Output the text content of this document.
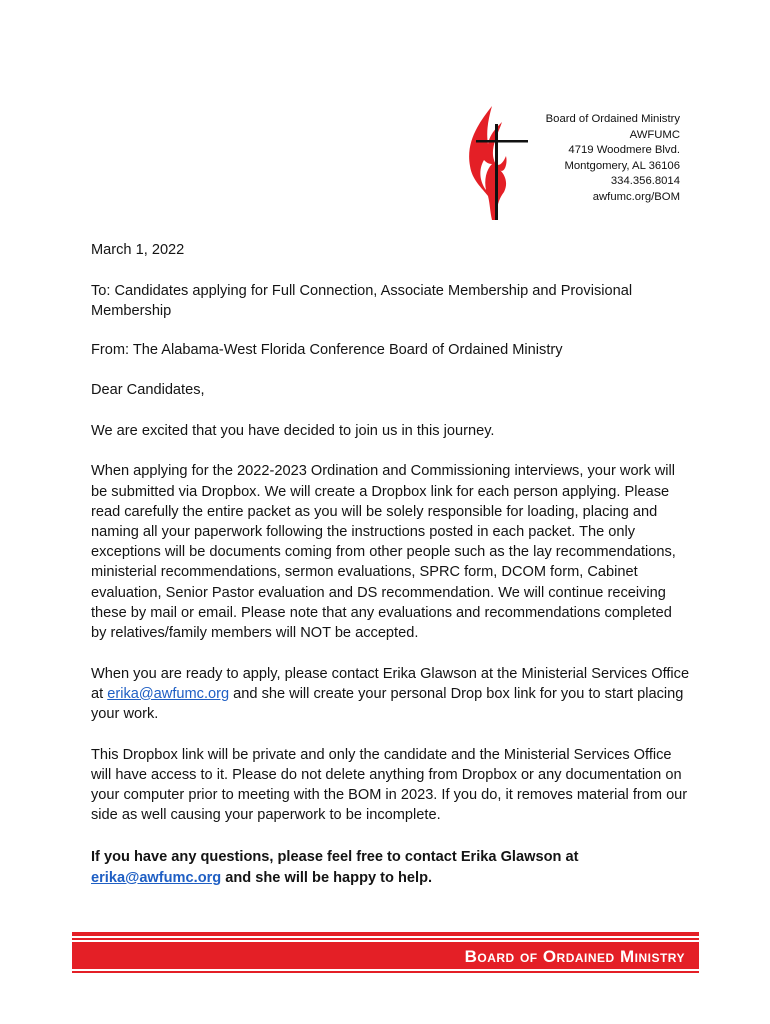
Board of Ordained Ministry
AWFUMC
4719 Woodmere Blvd.
Montgomery, AL 36106
334.356.8014
awfumc.org/BOM

March 1, 2022

To: Candidates applying for Full Connection, Associate Membership and Provisional Membership

From: The Alabama-West Florida Conference Board of Ordained Ministry

Dear Candidates,

We are excited that you have decided to join us in this journey.

When applying for the 2022-2023 Ordination and Commissioning interviews, your work will be submitted via Dropbox. We will create a Dropbox link for each person applying. Please read carefully the entire packet as you will be solely responsible for loading, placing and naming all your paperwork following the instructions posted in each packet. The only exceptions will be documents coming from other people such as the lay recommendations, ministerial recommendations, sermon evaluations, SPRC form, DCOM form, Cabinet evaluation, Senior Pastor evaluation and DS recommendation. We will continue receiving these by mail or email. Please note that any evaluations and recommendations completed by relatives/family members will NOT be accepted.

When you are ready to apply, please contact Erika Glawson at the Ministerial Services Office at erika@awfumc.org and she will create your personal Drop box link for you to start placing your work.

This Dropbox link will be private and only the candidate and the Ministerial Services Office will have access to it. Please do not delete anything from Dropbox or any documentation on your computer prior to meeting with the BOM in 2023. If you do, it removes material from our side as well causing your paperwork to be incomplete.

If you have any questions, please feel free to contact Erika Glawson at erika@awfumc.org and she will be happy to help.

Board of Ordained Ministry
